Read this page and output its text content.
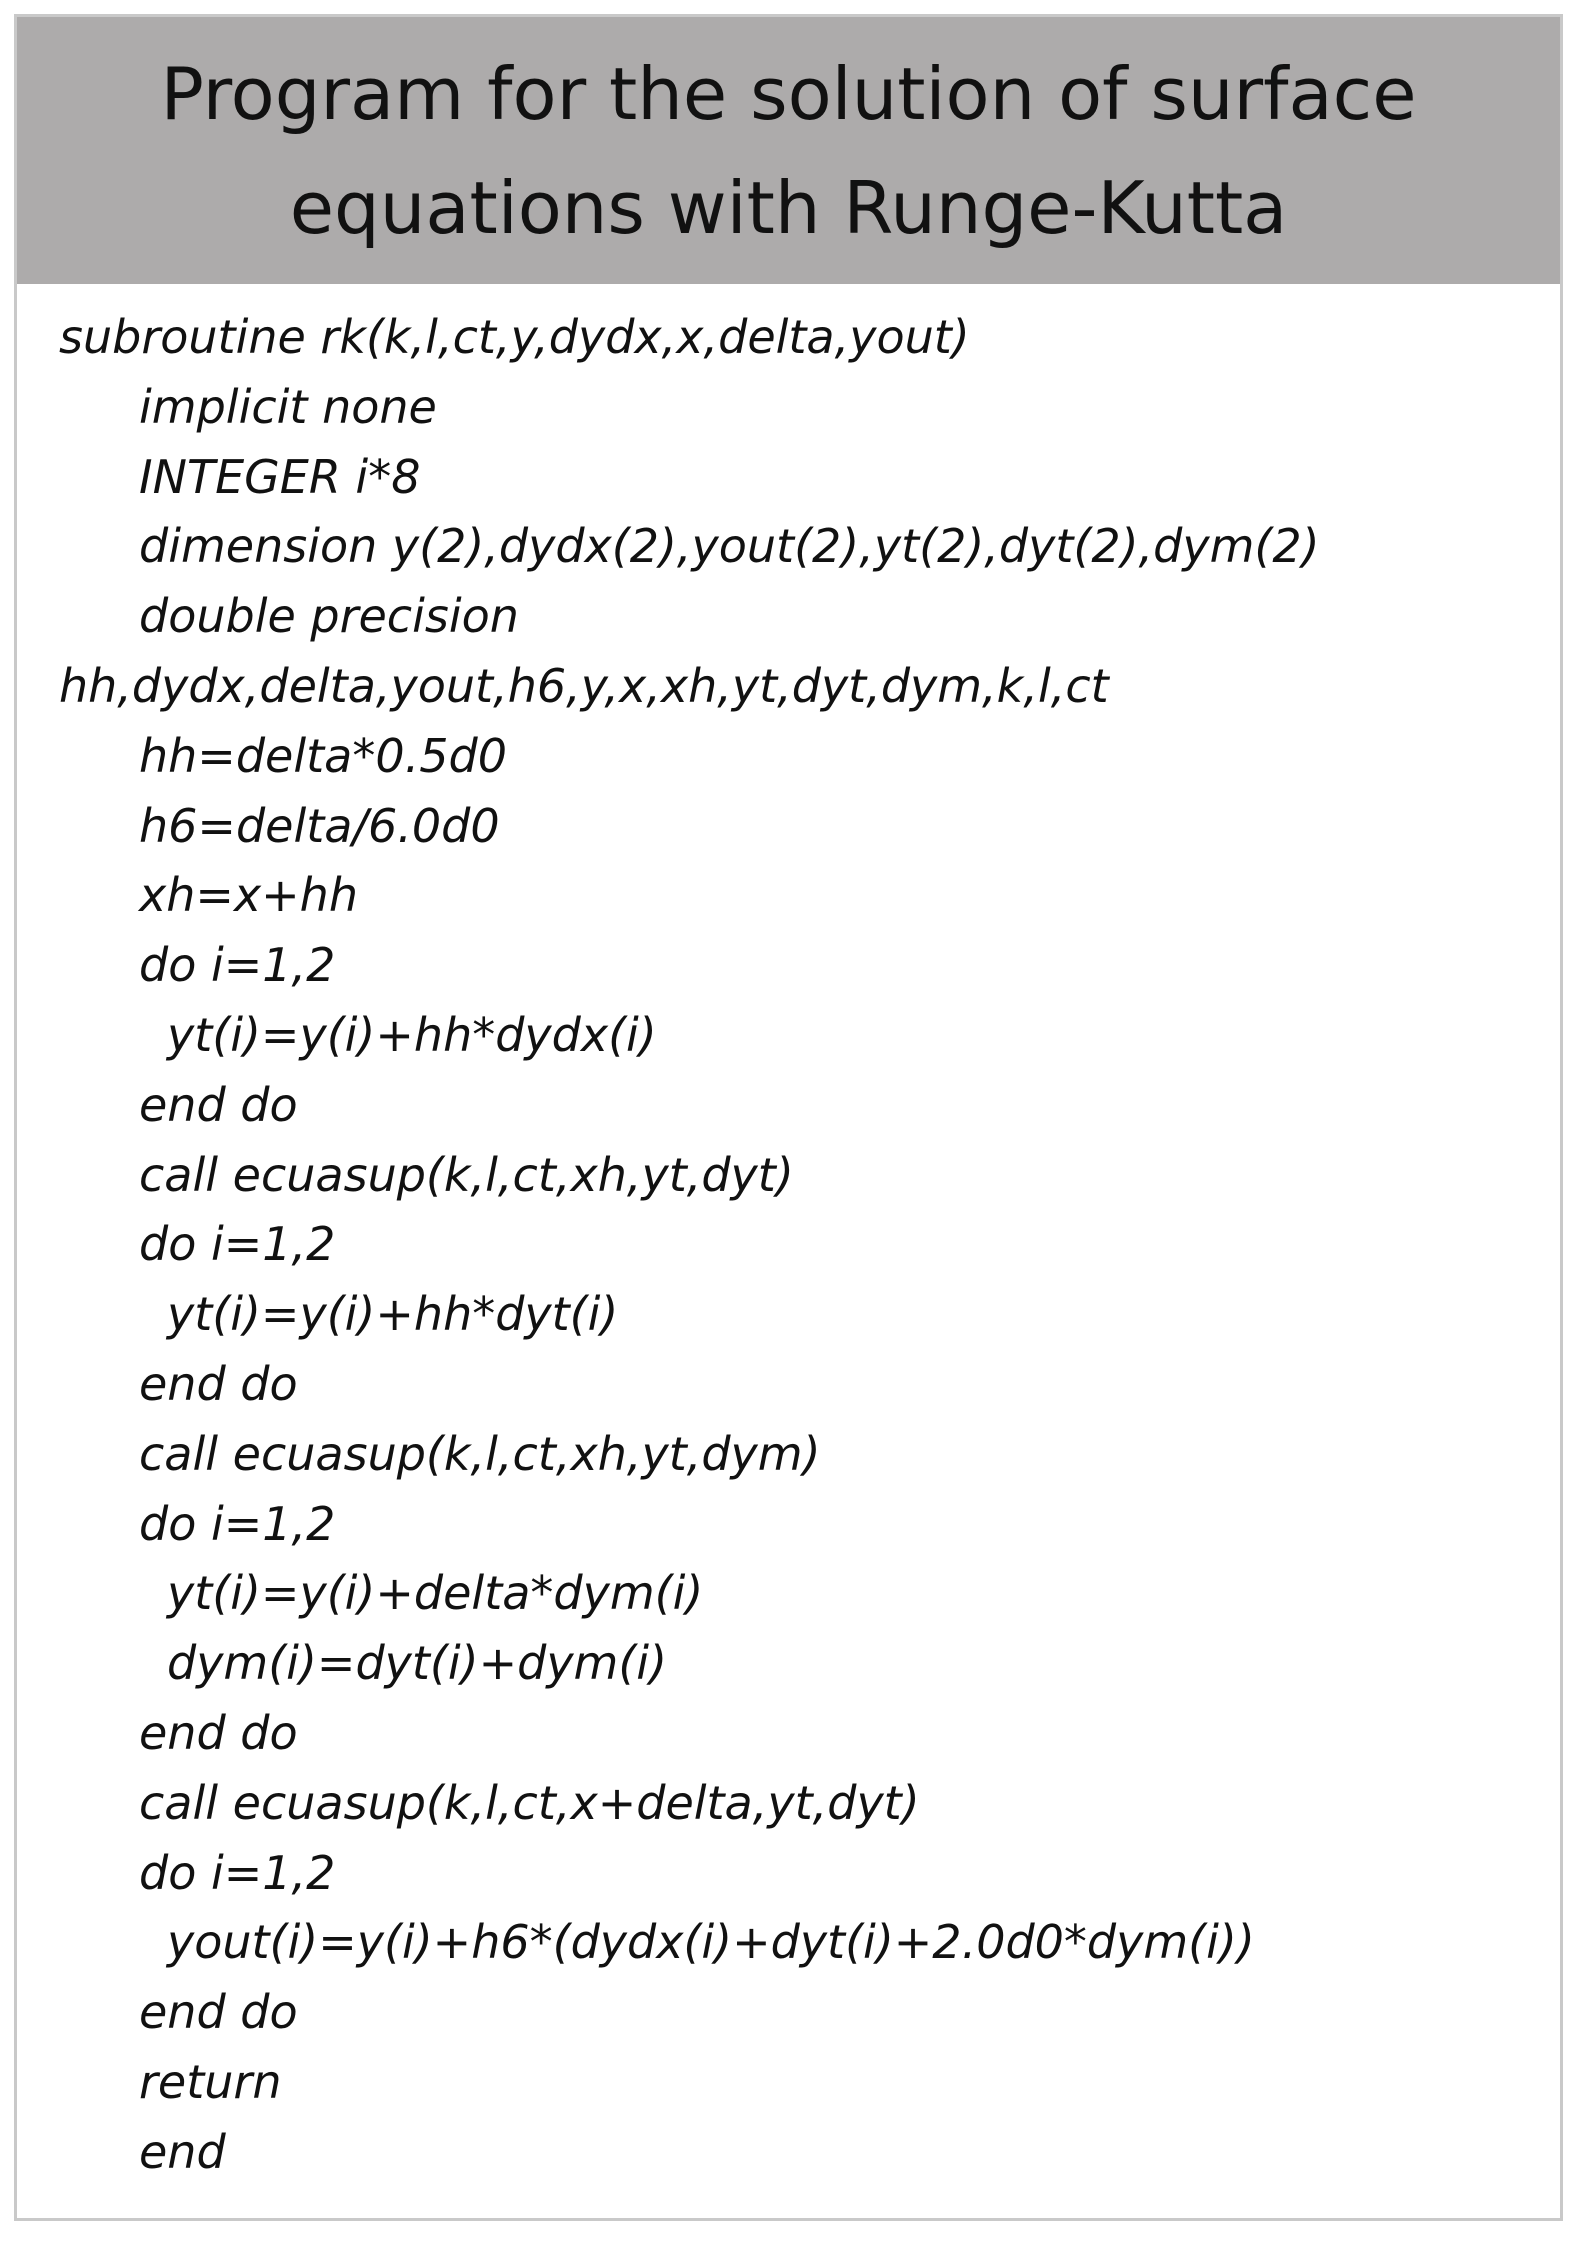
Program for the solution of surface
equations with Runge-Kutta
subroutine rk(k,l,ct,y,dydx,x,delta,yout)
implicit none
INTEGER i*8
dimension y(2),dydx(2),yout(2),yt(2),dyt(2),dym(2)
double precision
hh,dydx,delta,yout,h6,y,x,xh,yt,dyt,dym,k,l,ct
hh=delta*0.5d0
h6=delta/6.0d0
xh=x+hh
do i=1,2
yt(i)=y(i)+hh*dydx(i)
end do
call ecuasup(k,l,ct,xh,yt,dyt)
do i=1,2
yt(i)=y(i)+hh*dyt(i)
end do
call ecuasup(k,l,ct,xh,yt,dym)
do i=1,2
yt(i)=y(i)+delta*dym(i)
dym(i)=dyt(i)+dym(i)
end do
call ecuasup(k,l,ct,x+delta,yt,dyt)
do i=1,2
yout(i)=y(i)+h6*(dydx(i)+dyt(i)+2.0d0*dym(i))
end do
return
end
